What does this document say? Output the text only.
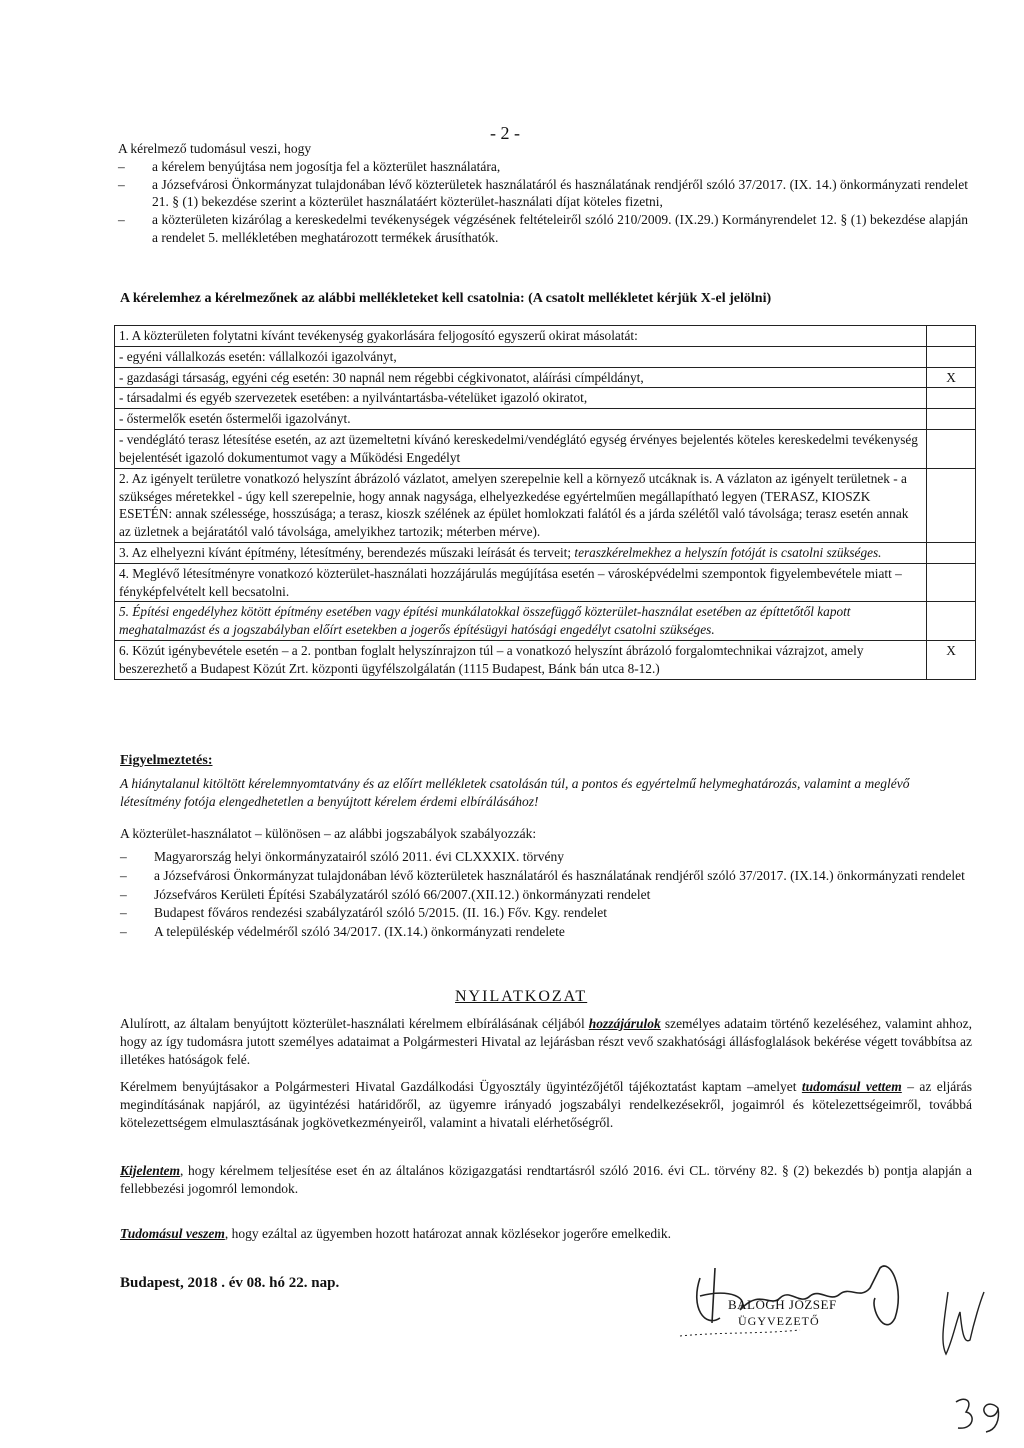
- 2 -

A kérelmező tudomásul veszi, hogy

– a kérelem benyújtása nem jogosítja fel a közterület használatára,

– a Józsefvárosi Önkormányzat tulajdonában lévő közterületek használatáról és használatának rendjéről szóló 37/2017. (IX. 14.) önkormányzati rendelet 21. § (1) bekezdése szerint a közterület használatáért közterület-használati díjat köteles fizetni,

– a közterületen kizárólag a kereskedelmi tevékenységek végzésének feltételeiről szóló 210/2009. (IX.29.) Kormányrendelet 12. § (1) bekezdése alapján a rendelet 5. mellékletében meghatározott termékek árusíthatók.

A kérelemhez a kérelmezőnek az alábbi mellékleteket kell csatolnia: (A csatolt mellékletet kérjük X-el jelölni)
1. A közterületen folytatni kívánt tevékenység gyakorlására feljogosító egyszerű okirat másolatát:	
- egyéni vállalkozás esetén: vállalkozói igazolványt,	
- gazdasági társaság, egyéni cég esetén: 30 napnál nem régebbi cégkivonatot, aláírási címpéldányt,	X
- társadalmi és egyéb szervezetek esetében: a nyilvántartásba-vételüket igazoló okiratot,	
- őstermelők esetén őstermelői igazolványt.	
- vendéglátó terasz létesítése esetén, az azt üzemeltetni kívánó kereskedelmi/vendéglátó egység érvényes bejelentés köteles kereskedelmi tevékenység bejelentését igazoló dokumentumot vagy a Működési Engedélyt	
2. Az igényelt területre vonatkozó helyszínt ábrázoló vázlatot, amelyen szerepelnie kell a környező utcáknak is. A vázlaton az igényelt területnek - a szükséges méretekkel - úgy kell szerepelnie, hogy annak nagysága, elhelyezkedése egyértelműen megállapítható legyen (TERASZ, KIOSZK ESETÉN: annak szélessége, hosszúsága; a terasz, kioszk szélének az épület homlokzati falától és a járda szélétől való távolsága; terasz esetén annak az üzletnek a bejáratától való távolsága, amelyikhez tartozik; méterben mérve).	
3. Az elhelyezni kívánt építmény, létesítmény, berendezés műszaki leírását és terveit; teraszkérelmekhez a helyszín fotóját is csatolni szükséges.	
4. Meglévő létesítményre vonatkozó közterület-használati hozzájárulás megújítása esetén – városképvédelmi szempontok figyelembevétele miatt – fényképfelvételt kell becsatolni.	
5. Építési engedélyhez kötött építmény esetében vagy építési munkálatokkal összefüggő közterület-használat esetében az építtetőtől kapott meghatalmazást és a jogszabályban előírt esetekben a jogerős építésügyi hatósági engedélyt csatolni szükséges.	
6. Közút igénybevétele esetén – a 2. pontban foglalt helyszínrajzon túl – a vonatkozó helyszínt ábrázoló forgalomtechnikai vázrajzot, amely beszerezhető a Budapest Közút Zrt. központi ügyfélszolgálatán (1115 Budapest, Bánk bán utca 8-12.)	X
Figyelmeztetés:
A hiánytalanul kitöltött kérelemnyomtatvány és az előírt mellékletek csatolásán túl, a pontos és egyértelmű helymeghatározás, valamint a meglévő létesítmény fotója elengedhetetlen a benyújtott kérelem érdemi elbírálásához!
A közterület-használatot – különösen – az alábbi jogszabályok szabályozzák:

– Magyarország helyi önkormányzatairól szóló 2011. évi CLXXXIX. törvény

– a Józsefvárosi Önkormányzat tulajdonában lévő közterületek használatáról és használatának rendjéről szóló 37/2017. (IX.14.) önkormányzati rendelet

– Józsefváros Kerületi Építési Szabályzatáról szóló 66/2007.(XII.12.) önkormányzati rendelet

– Budapest főváros rendezési szabályzatáról szóló 5/2015. (II. 16.) Főv. Kgy. rendelet

– A településkép védelméről szóló 34/2017. (IX.14.) önkormányzati rendelete

NYILATKOZAT

Alulírott, az általam benyújtott közterület-használati kérelmem elbírálásának céljából hozzájárulok személyes adataim történő kezeléséhez, valamint ahhoz, hogy az így tudomásra jutott személyes adataimat a Polgármesteri Hivatal az lejárásban részt vevő szakhatósági állásfoglalások bekérése végett továbbítsa az illetékes hatóságok felé.

Kérelmem benyújtásakor a Polgármesteri Hivatal Gazdálkodási Ügyosztály ügyintézőjétől tájékoztatást kaptam –amelyet tudomásul vettem – az eljárás megindításának napjáról, az ügyintézési határidőről, az ügyemre irányadó jogszabályi rendelkezésekről, jogaimról és kötelezettségeimről, továbbá kötelezettségem elmulasztásának jogkövetkezményeiről, valamint a hivatali elérhetőségről.

Kijelentem, hogy kérelmem teljesítése eset én az általános közigazgatási rendtartásról szóló 2016. évi CL. törvény 82. § (2) bekezdés b) pontja alapján a fellebbezési jogomról lemondok.

Tudomásul veszem, hogy ezáltal az ügyemben hozott határozat annak közlésekor jogerőre emelkedik.

Budapest, 2018 . év 08. hó 22. nap.
BALOGH JÓZSEF
ÜGYVEZETŐ
